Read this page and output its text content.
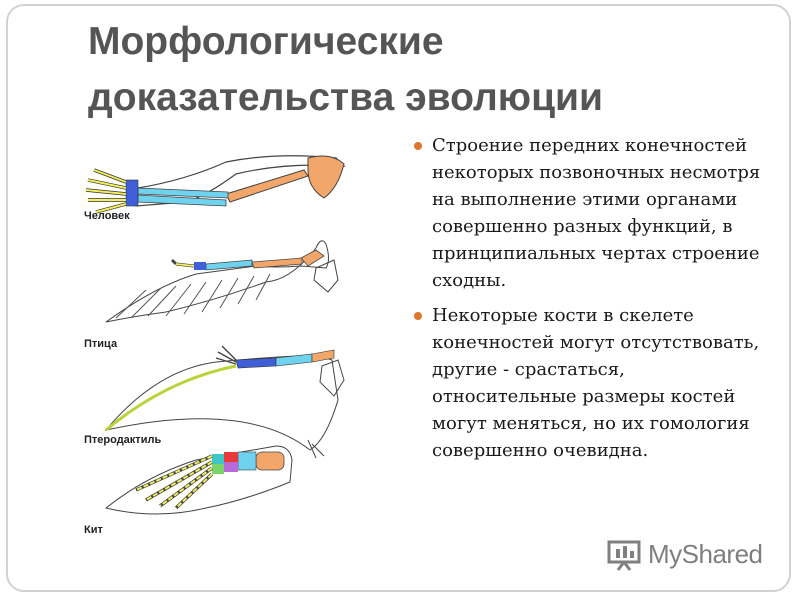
Морфологические
доказательства эволюции
Человек
Птица
Птеродактиль
Кит
Строение передних конечностей некоторых позвоночных несмотря на выполнение этими органами совершенно разных функций, в принципиальных чертах строение сходны.
Некоторые кости в скелете конечностей могут отсутствовать, другие - срастаться, относительные размеры костей могут меняться, но их гомология совершенно очевидна.
MyShared
